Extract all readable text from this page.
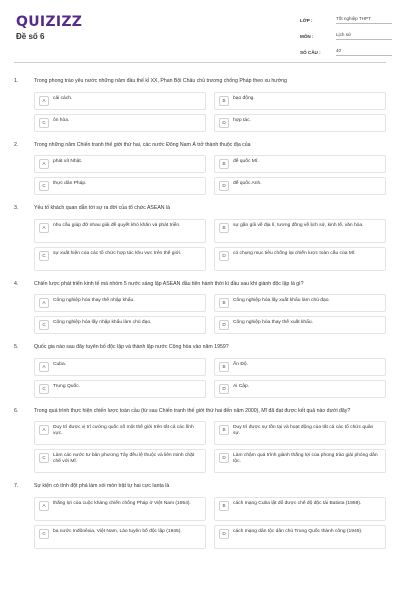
QUIZIZZ
Đề số 6
LỚP :	Tốt nghiệp THPT
MÔN :	Lịch sử
SỐ CÂU :	40
1.	Trong phong trào yêu nước những năm đầu thế kỉ XX, Phan Bội Châu chủ trương chống Pháp theo xu hướng
A	cải cách.	B	bạo động.
C	ôn hòa.	D	hợp tác.
2.	Trong những năm Chiến tranh thế giới thứ hai, các nước Đông Nam Á trở thành thuộc địa của
A	phát xít Nhật.	B	đế quốc Mĩ.
C	thực dân Pháp.	D	đế quốc Anh.
3.	Yếu tố khách quan dẫn tới sự ra đời của tổ chức ASEAN là
A	nhu cầu giúp đỡ nhau giải đề quyết khó khăn và phát triển.	B	sự gần gũi về địa lí, tương đồng về lịch sử, kinh tế, văn hóa.
C	sự xuất hiện của các tổ chức hợp tác khu vực trên thế giới.	D	có chung mục tiêu chống lại chiến lược toàn cầu của Mĩ.
4.	Chiến lược phát triển kinh tế mà nhóm 5 nước sáng lập ASEAN đầu tiên hành thời kì đầu sau khi giành độc lập là gì?
A	Công nghiệp hóa thay thế nhập khẩu.	B	Công nghiệp hóa lấy xuất khẩu làm chủ đạo.
C	Công nghiệp hóa lấy nhập khẩu làm chủ đạo.	D	Công nghiệp hóa thay thế xuất khẩu.
5.	Quốc gia nào sau đây tuyên bố độc lập và thành lập nước Cộng hòa vào năm 1959?
A	Cuba.	B	Ấn Độ.
C	Trung Quốc.	D	Ai Cập.
6.	Trong quá trình thực hiện chiến lược toàn cầu (từ sau Chiến tranh thế giới thứ hai đến năm 2000), Mĩ đã đạt được kết quả nào dưới đây?
A	Duy trì được vị trí cường quốc số một thế giới trên tất cả các lĩnh vực.
B	Duy trì được sự tồn tại và hoạt động của tất cả các tổ chức quân sự.
C	Làm các nước tư bản phương Tây đều lệ thuộc và liên minh chặt chẽ với Mĩ.
D	Làm chậm quá trình giành thắng lợi của phong trào giải phóng dân tộc.
7.	Sự kiện có tính đột phá làm xói mòn trật tự hai cực Ianta là
A	thắng lợi của cuộc kháng chiến chống Pháp ở Việt Nam (1954).	B	cách mạng Cuba lật đổ được chế độ độc tài Batixta (1959).
C	ba nước Inđônêxia, Việt Nam, Lào tuyên bố độc lập (1945).	D	cách mạng dân tộc dân chủ Trung Quốc thành công (1949).
